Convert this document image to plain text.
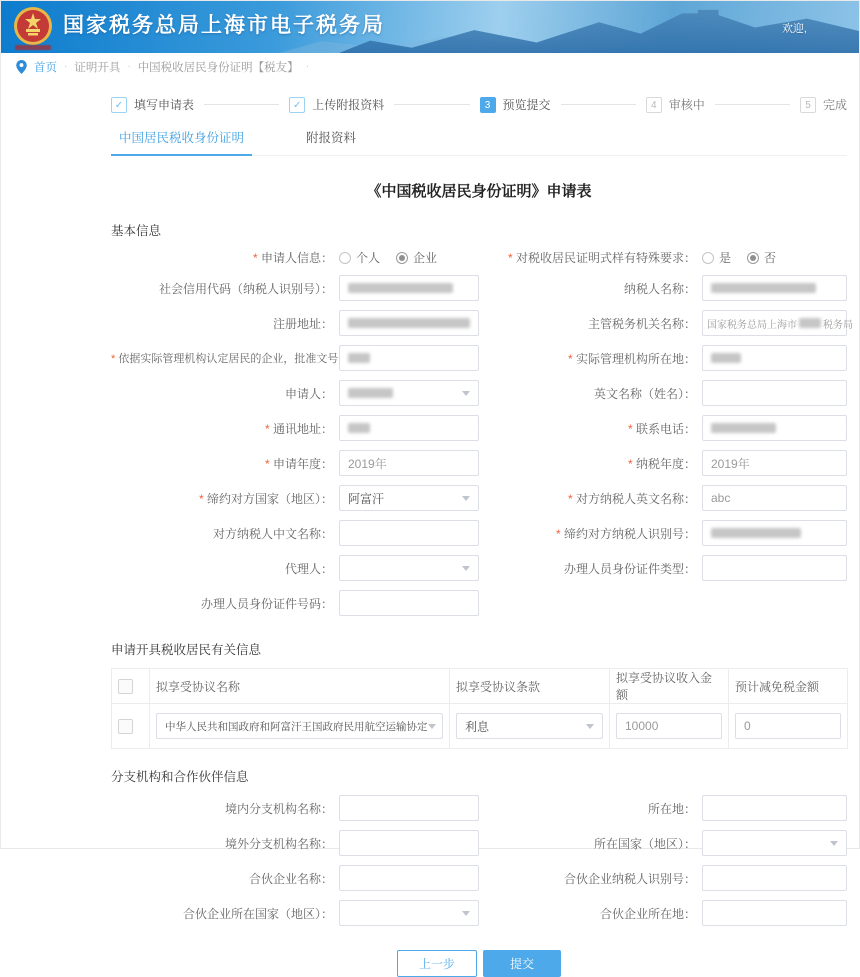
国家税务总局上海市电子税务局	欢迎,
首页 · 证明开具 · 中国税收居民身份证明【税友】 ·
✓ 填写申请表	✓ 上传附报资料	3	预览提交	4	审核中	5	完成
中国居民税收身份证明	附报资料
《中国税收居民身份证明》申请表
基本信息
* 申请人信息 ：	个人	企业	* 对税收居民证明式样有特殊要求 ：	是	否
社会信用代码（纳税人识别号） ：	纳税人名称 ：
注册地址 ：	主管税务机关名称 ：	国家税务总局上海市	税务局
* 依据实际管理机构认定居民的企业，批准文号 ：	* 实际管理机构所在地 ：
申请人 ：	英文名称（姓名） ：
* 通讯地址 ：	* 联系电话 ：
* 申请年度 ：	2019年	* 纳税年度 ：	2019年
* 缔约对方国家（地区） ：	阿富汗	* 对方纳税人英文名称 ：	abc
对方纳税人中文名称 ：	* 缔约对方纳税人识别号 ：
代理人 ：	办理人员身份证件类型 ：
办理人员身份证件号码 ：
申请开具税收居民有关信息
	拟享受协议名称	拟享受协议条款	拟享受协议收入金额	预计减免税金额

	中华人民共和国政府和阿富汗王国政府民用航空运输协定	利息	10000	0
分支机构和合作伙伴信息
境内分支机构名称 ：	所在地 ：
境外分支机构名称 ：	所在国家（地区） ：
合伙企业名称 ：	合伙企业纳税人识别号 ：
合伙企业所在国家（地区） ：	合伙企业所在地 ：
上一步	提交
